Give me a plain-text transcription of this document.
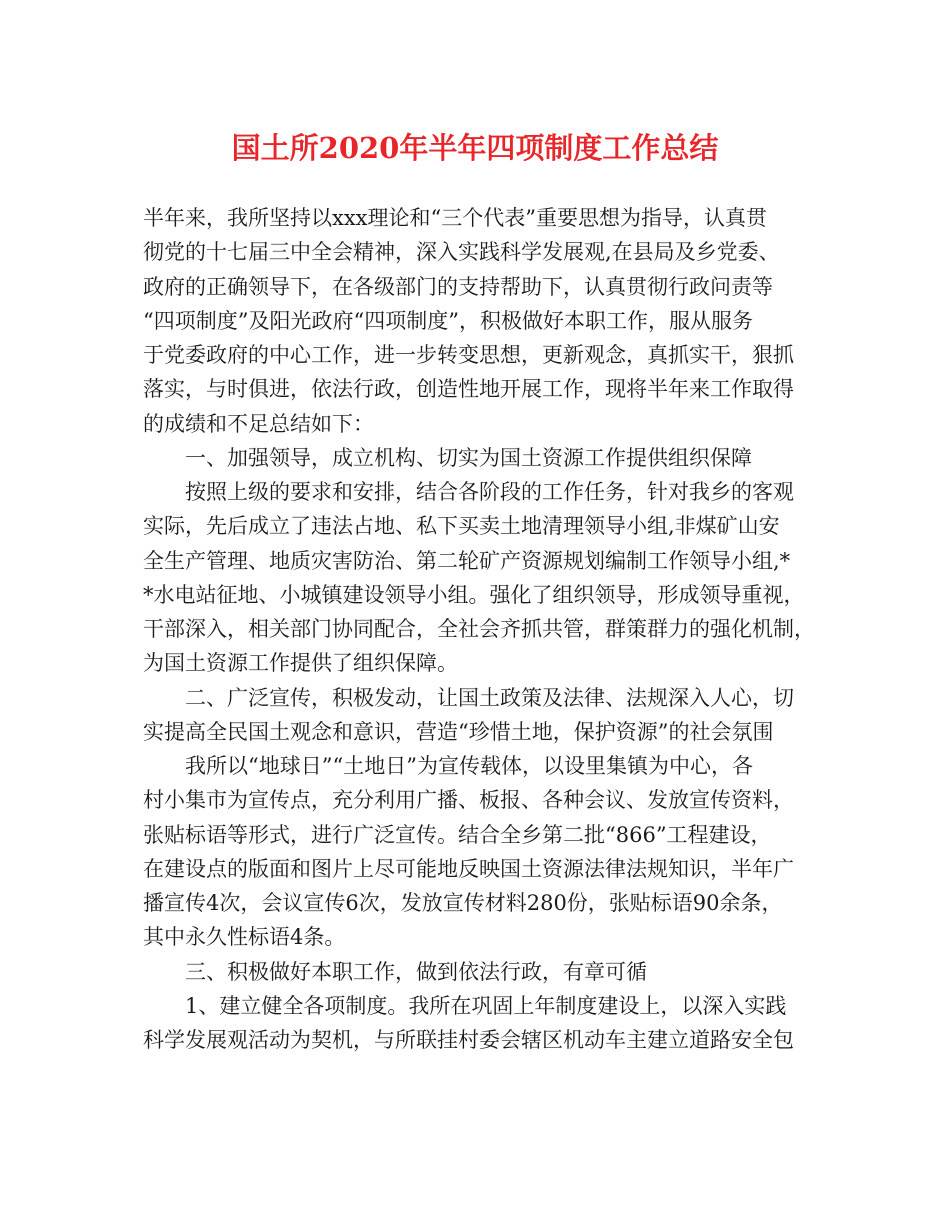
国土所2020年半年四项制度工作总结
半年来，我所坚持以xxx理论和“三个代表”重要思想为指导，认真贯
彻党的十七届三中全会精神，深入实践科学发展观,在县局及乡党委、
政府的正确领导下，在各级部门的支持帮助下，认真贯彻行政问责等
“四项制度”及阳光政府“四项制度”，积极做好本职工作，服从服务
于党委政府的中心工作，进一步转变思想，更新观念，真抓实干，狠抓
落实，与时俱进，依法行政，创造性地开展工作，现将半年来工作取得
的成绩和不足总结如下：
一、加强领导，成立机构、切实为国土资源工作提供组织保障
按照上级的要求和安排，结合各阶段的工作任务，针对我乡的客观
实际，先后成立了违法占地、私下买卖土地清理领导小组,非煤矿山安
全生产管理、地质灾害防治、第二轮矿产资源规划编制工作领导小组,*
*水电站征地、小城镇建设领导小组。强化了组织领导，形成领导重视，
干部深入，相关部门协同配合，全社会齐抓共管，群策群力的强化机制，
为国土资源工作提供了组织保障。
二、广泛宣传，积极发动，让国土政策及法律、法规深入人心，切
实提高全民国土观念和意识，营造“珍惜土地，保护资源”的社会氛围
我所以“地球日”“土地日”为宣传载体，以设里集镇为中心，各
村小集市为宣传点，充分利用广播、板报、各种会议、发放宣传资料，
张贴标语等形式，进行广泛宣传。结合全乡第二批“866”工程建设，
在建设点的版面和图片上尽可能地反映国土资源法律法规知识，半年广
播宣传4次，会议宣传6次，发放宣传材料280份，张贴标语90余条，
其中永久性标语4条。
三、积极做好本职工作，做到依法行政，有章可循
1、建立健全各项制度。我所在巩固上年制度建设上，以深入实践
科学发展观活动为契机，与所联挂村委会辖区机动车主建立道路安全包
